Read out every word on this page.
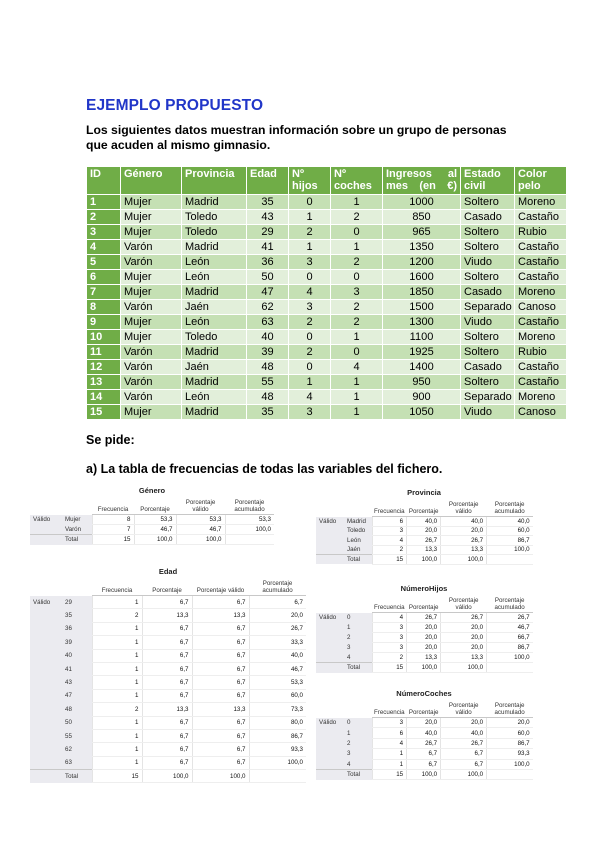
EJEMPLO PROPUESTO
Los siguientes datos muestran información sobre un grupo de personas que acuden al mismo gimnasio.
ID	Género	Provincia	Edad	Nº hijos	Nº coches	Ingresos al mes (en €)	Estado civil	Color pelo
1	Mujer	Madrid	35	0	1	1000	Soltero	Moreno
2	Mujer	Toledo	43	1	2	850	Casado	Castaño
3	Mujer	Toledo	29	2	0	965	Soltero	Rubio
4	Varón	Madrid	41	1	1	1350	Soltero	Castaño
5	Varón	León	36	3	2	1200	Viudo	Castaño
6	Mujer	León	50	0	0	1600	Soltero	Castaño
7	Mujer	Madrid	47	4	3	1850	Casado	Moreno
8	Varón	Jaén	62	3	2	1500	Separado	Canoso
9	Mujer	León	63	2	2	1300	Viudo	Castaño
10	Mujer	Toledo	40	0	1	1100	Soltero	Moreno
11	Varón	Madrid	39	2	0	1925	Soltero	Rubio
12	Varón	Jaén	48	0	4	1400	Casado	Castaño
13	Varón	Madrid	55	1	1	950	Soltero	Castaño
14	Varón	León	48	4	1	900	Separado	Moreno
15	Mujer	Madrid	35	3	1	1050	Viudo	Canoso
Se pide:
a) La tabla de frecuencias de todas las variables del fichero.
Género
		Frecuencia	Porcentaje	Porcentaje válido	Porcentaje acumulado
Válido	Mujer	8	53,3	53,3	53,3
	Varón	7	46,7	46,7	100,0
	Total	15	100,0	100,0	
Edad
		Frecuencia	Porcentaje	Porcentaje válido	Porcentaje acumulado
Válido	29	1	6,7	6,7	6,7
	35	2	13,3	13,3	20,0
	36	1	6,7	6,7	26,7
	39	1	6,7	6,7	33,3
	40	1	6,7	6,7	40,0
	41	1	6,7	6,7	46,7
	43	1	6,7	6,7	53,3
	47	1	6,7	6,7	60,0
	48	2	13,3	13,3	73,3
	50	1	6,7	6,7	80,0
	55	1	6,7	6,7	86,7
	62	1	6,7	6,7	93,3
	63	1	6,7	6,7	100,0
	Total	15	100,0	100,0	
Provincia
		Frecuencia	Porcentaje	Porcentaje válido	Porcentaje acumulado
Válido	Madrid	6	40,0	40,0	40,0
	Toledo	3	20,0	20,0	60,0
	León	4	26,7	26,7	86,7
	Jaén	2	13,3	13,3	100,0
	Total	15	100,0	100,0	
NúmeroHijos
		Frecuencia	Porcentaje	Porcentaje válido	Porcentaje acumulado
Válido	0	4	26,7	26,7	26,7
	1	3	20,0	20,0	46,7
	2	3	20,0	20,0	66,7
	3	3	20,0	20,0	86,7
	4	2	13,3	13,3	100,0
	Total	15	100,0	100,0	
NúmeroCoches
		Frecuencia	Porcentaje	Porcentaje válido	Porcentaje acumulado
Válido	0	3	20,0	20,0	20,0
	1	6	40,0	40,0	60,0
	2	4	26,7	26,7	86,7
	3	1	6,7	6,7	93,3
	4	1	6,7	6,7	100,0
	Total	15	100,0	100,0	
